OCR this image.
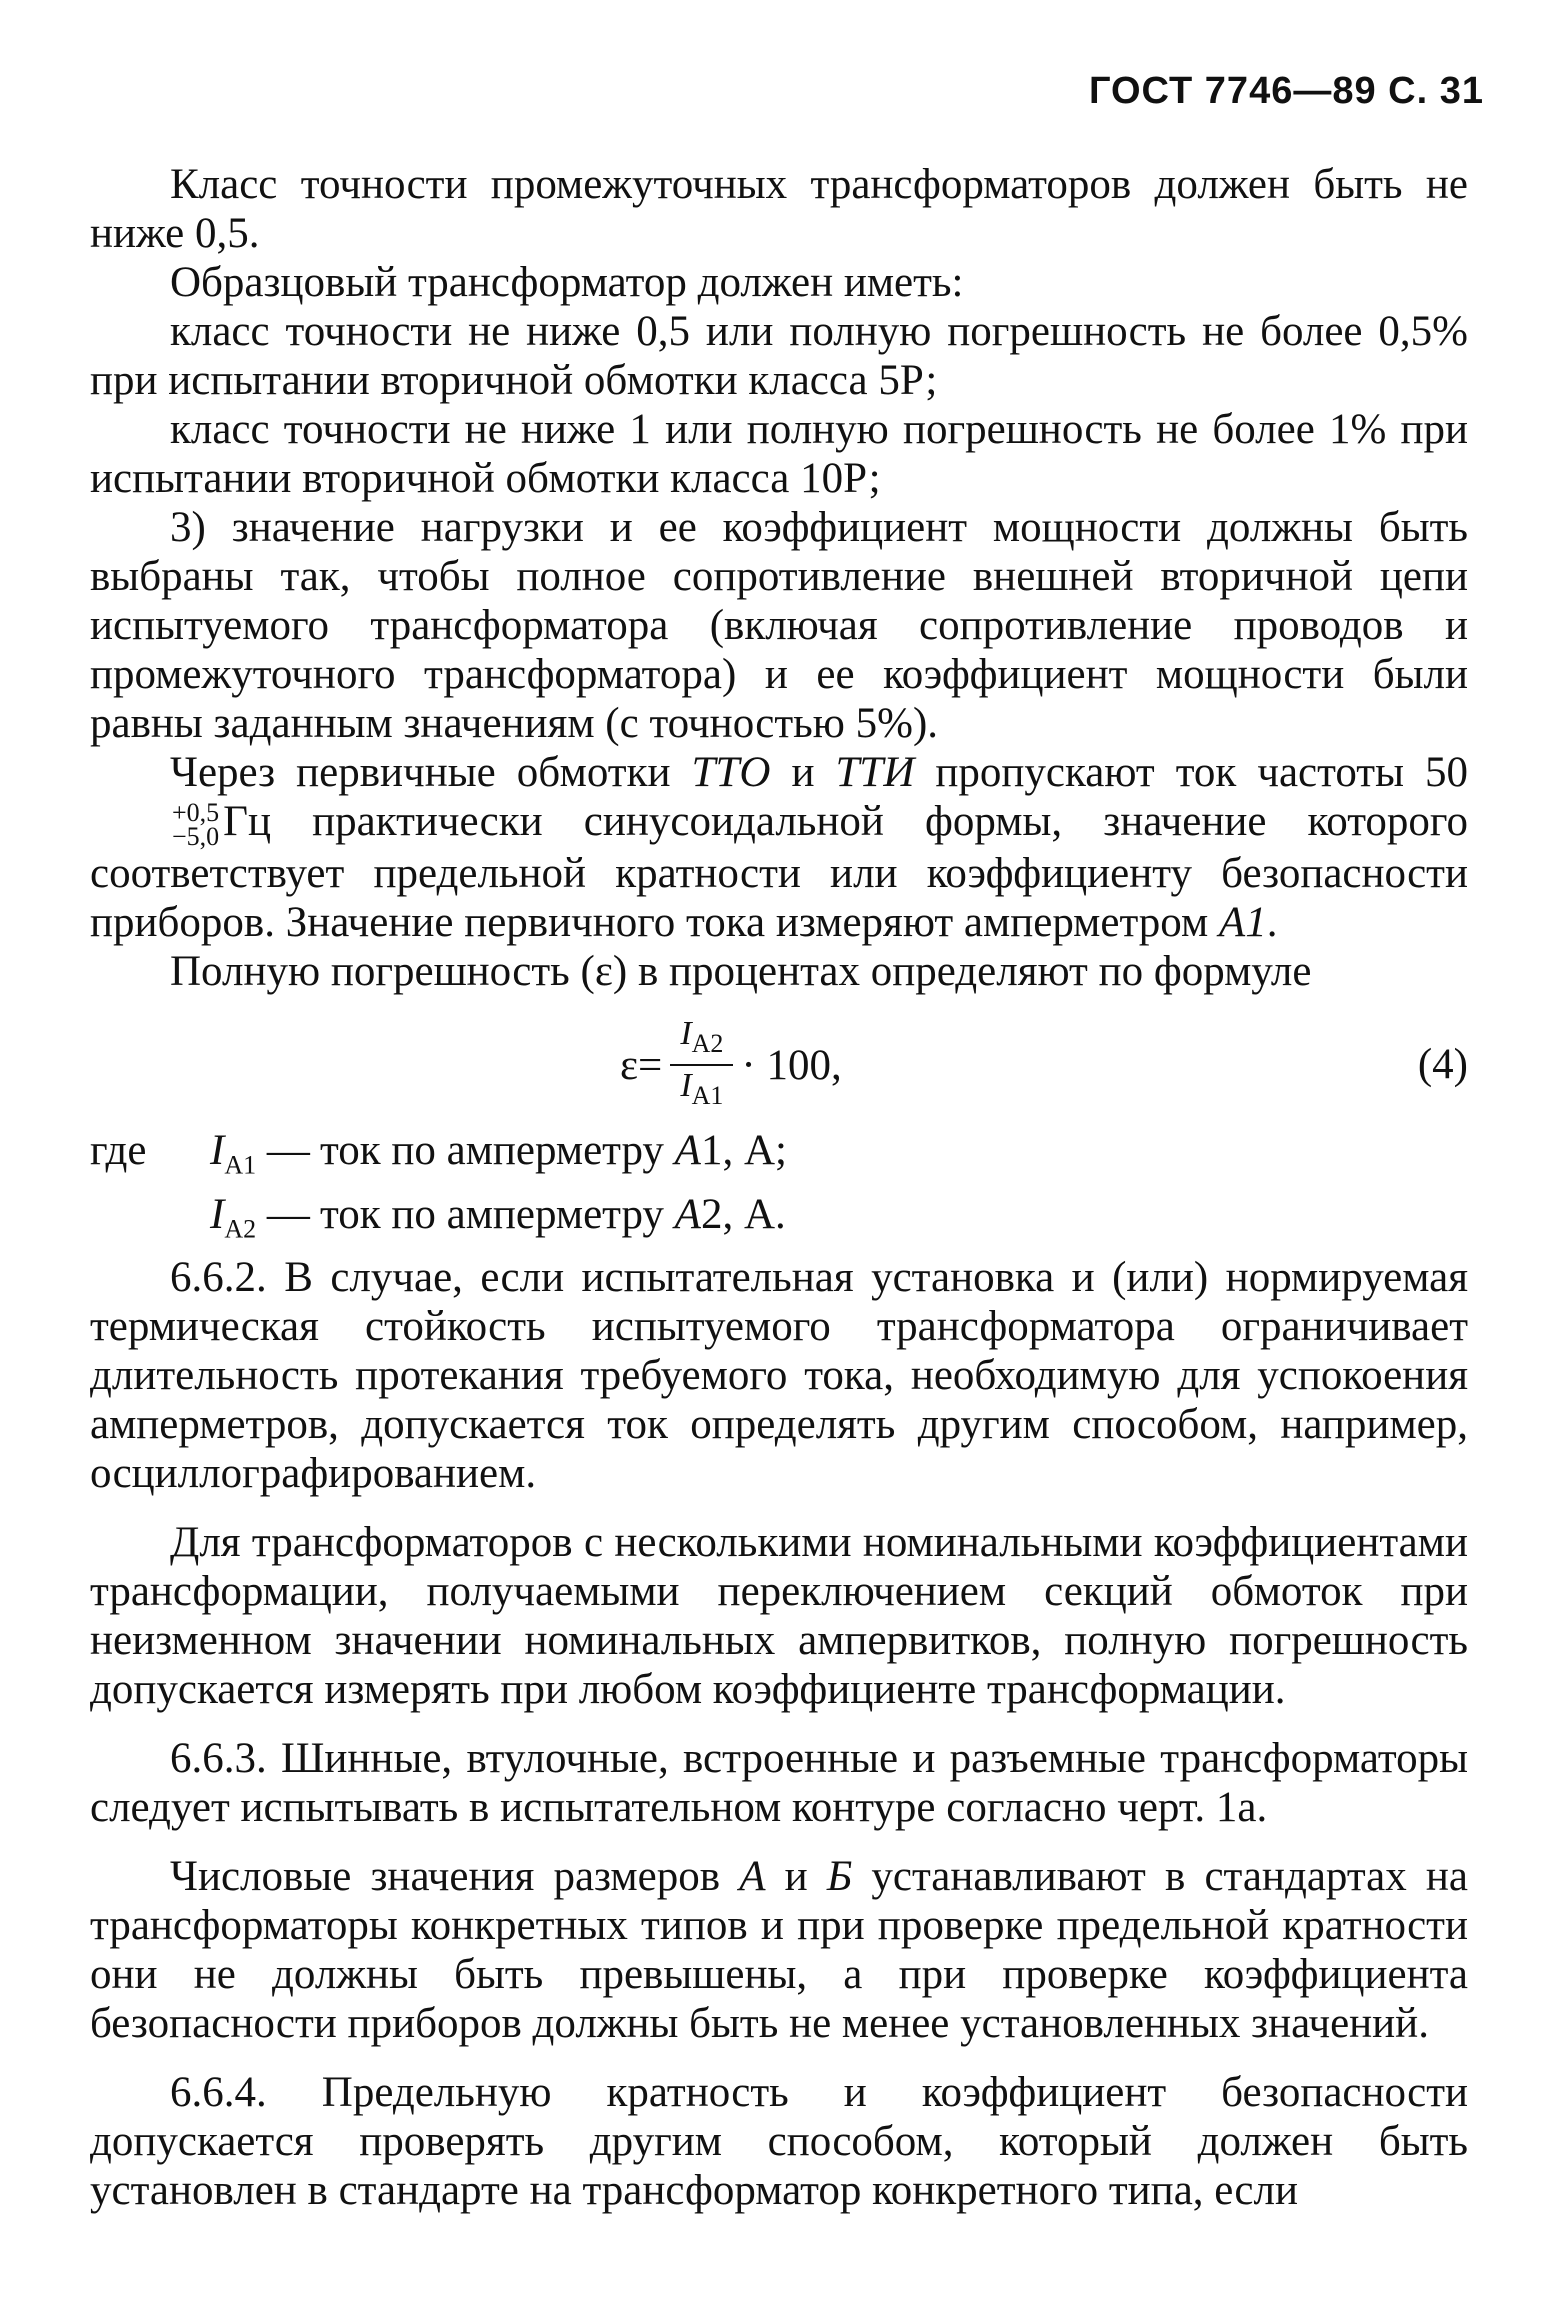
ГОСТ 7746—89 С. 31

Класс точности промежуточных трансформаторов должен быть не ниже 0,5.

Образцовый трансформатор должен иметь:

класс точности не ниже 0,5 или полную погрешность не более 0,5% при испытании вторичной обмотки класса 5Р;

класс точности не ниже 1 или полную погрешность не более 1% при испытании вторичной обмотки класса 10Р;

3) значение нагрузки и ее коэффициент мощности должны быть выбраны так, чтобы полное сопротивление внешней вторичной цепи испытуемого трансформатора (включая сопротивление проводов и промежуточного трансформатора) и ее коэффициент мощности были равны заданным значениям (с точностью 5%).

Через первичные обмотки ТТО и ТТИ пропускают ток частоты 50
+0,5
−5,0 Гц практически синусоидальной формы, значение которого соответствует предельной кратности или коэффициенту безопасности приборов. Значение первичного тока измеряют амперметром А1.

Полную погрешность (ε) в процентах определяют по формуле

$\varepsilon= \frac{I_{A2}}{I_{A1}} \cdot 100$,	(4)
где	$I_{A1}$ — ток по амперметру А1, А;
$I_{A2}$ — ток по амперметру А2, А.

6.6.2. В случае, если испытательная установка и (или) нормируемая термическая стойкость испытуемого трансформатора ограничивает длительность протекания требуемого тока, необходимую для успокоения амперметров, допускается ток определять другим способом, например, осциллографированием.

Для трансформаторов с несколькими номинальными коэффициентами трансформации, получаемыми переключением секций обмоток при неизменном значении номинальных ампервитков, полную погрешность допускается измерять при любом коэффициенте трансформации.

6.6.3. Шинные, втулочные, встроенные и разъемные трансформаторы следует испытывать в испытательном контуре согласно черт. 1а.

Числовые значения размеров А и Б устанавливают в стандартах на трансформаторы конкретных типов и при проверке предельной кратности они не должны быть превышены, а при проверке коэффициента безопасности приборов должны быть не менее установленных значений.

6.6.4. Предельную кратность и коэффициент безопасности допускается проверять другим способом, который должен быть установлен в стандарте на трансформатор конкретного типа, если
